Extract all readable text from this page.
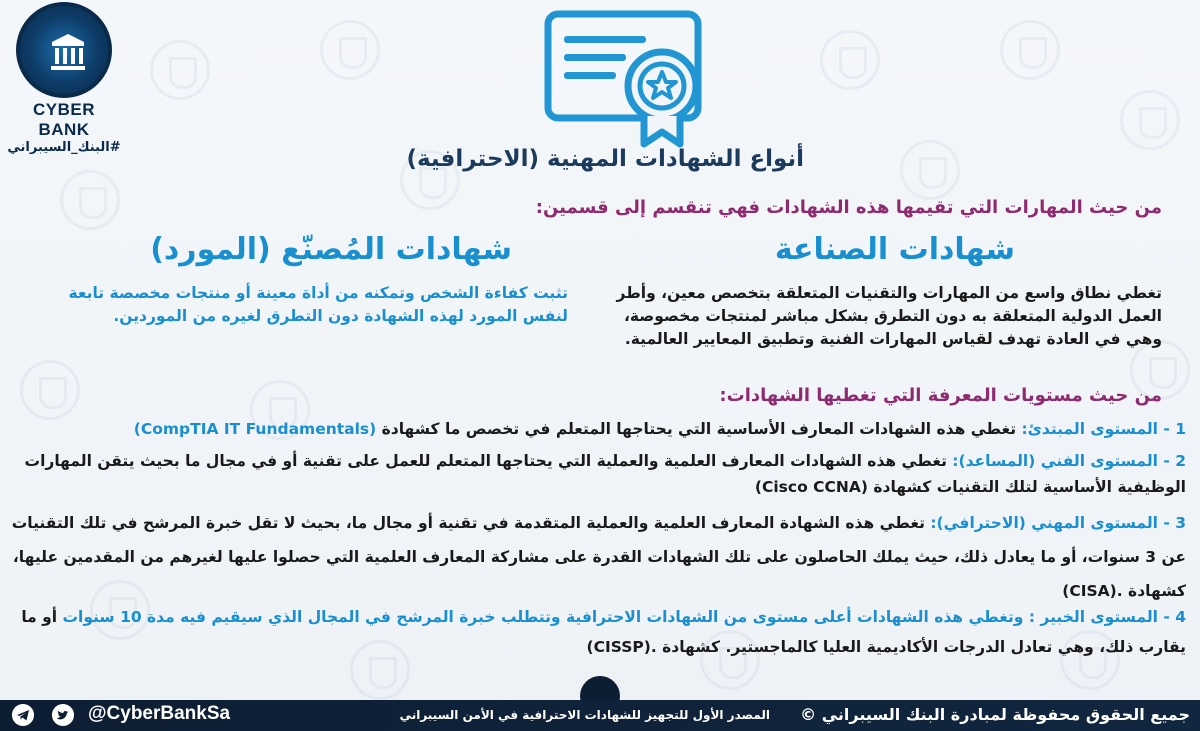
CYBER BANK
#البنك_السيبراني	أنواع الشهادات المهنية (الاحترافية)
من حيث المهارات التي تقيمها هذه الشهادات فهي تنقسم إلى قسمين:
شهادات الصناعة
شهادات المُصنّع (المورد)
تغطي نطاق واسع من المهارات والتقنيات المتعلقة بتخصص معين، وأطر العمل الدولية المتعلقة به دون التطرق بشكل مباشر لمنتجات مخصوصة، وهي في العادة تهدف لقياس المهارات الفنية وتطبيق المعايير العالمية.
تثبت كفاءة الشخص وتمكنه من أداة معينة أو منتجات مخصصة تابعة لنفس المورد لهذه الشهادة دون التطرق لغيره من الموردين.
من حيث مستويات المعرفة التي تغطيها الشهادات:
1 - المستوى المبتدئ: تغطي هذه الشهادات المعارف الأساسية التي يحتاجها المتعلم في تخصص ما كشهادة (CompTIA IT Fundamentals)
2 - المستوى الفني (المساعد): تغطي هذه الشهادات المعارف العلمية والعملية التي يحتاجها المتعلم للعمل على تقنية أو في مجال ما بحيث يتقن المهارات الوظيفية الأساسية لتلك التقنيات كشهادة (Cisco CCNA)
3 - المستوى المهني (الاحترافي): تغطي هذه الشهادة المعارف العلمية والعملية المتقدمة في تقنية أو مجال ما، بحيث لا تقل خبرة المرشح في تلك التقنيات عن 3 سنوات، أو ما يعادل ذلك، حيث يملك الحاصلون على تلك الشهادات القدرة على مشاركة المعارف العلمية التي حصلوا عليها لغيرهم من المقدمين عليها، كشهادة (CISA).
4 - المستوى الخبير : وتغطي هذه الشهادات أعلى مستوى من الشهادات الاحترافية وتتطلب خبرة المرشح في المجال الذي سيقيم فيه مدة 10 سنوات أو ما يقارب ذلك، وهي تعادل الدرجات الأكاديمية العليا كالماجستير. كشهادة (CISSP).
جميع الحقوق محفوظة لمبادرة البنك السيبراني ©
المصدر الأول للتجهيز للشهادات الاحترافية في الأمن السيبراني
@CyberBankSa
